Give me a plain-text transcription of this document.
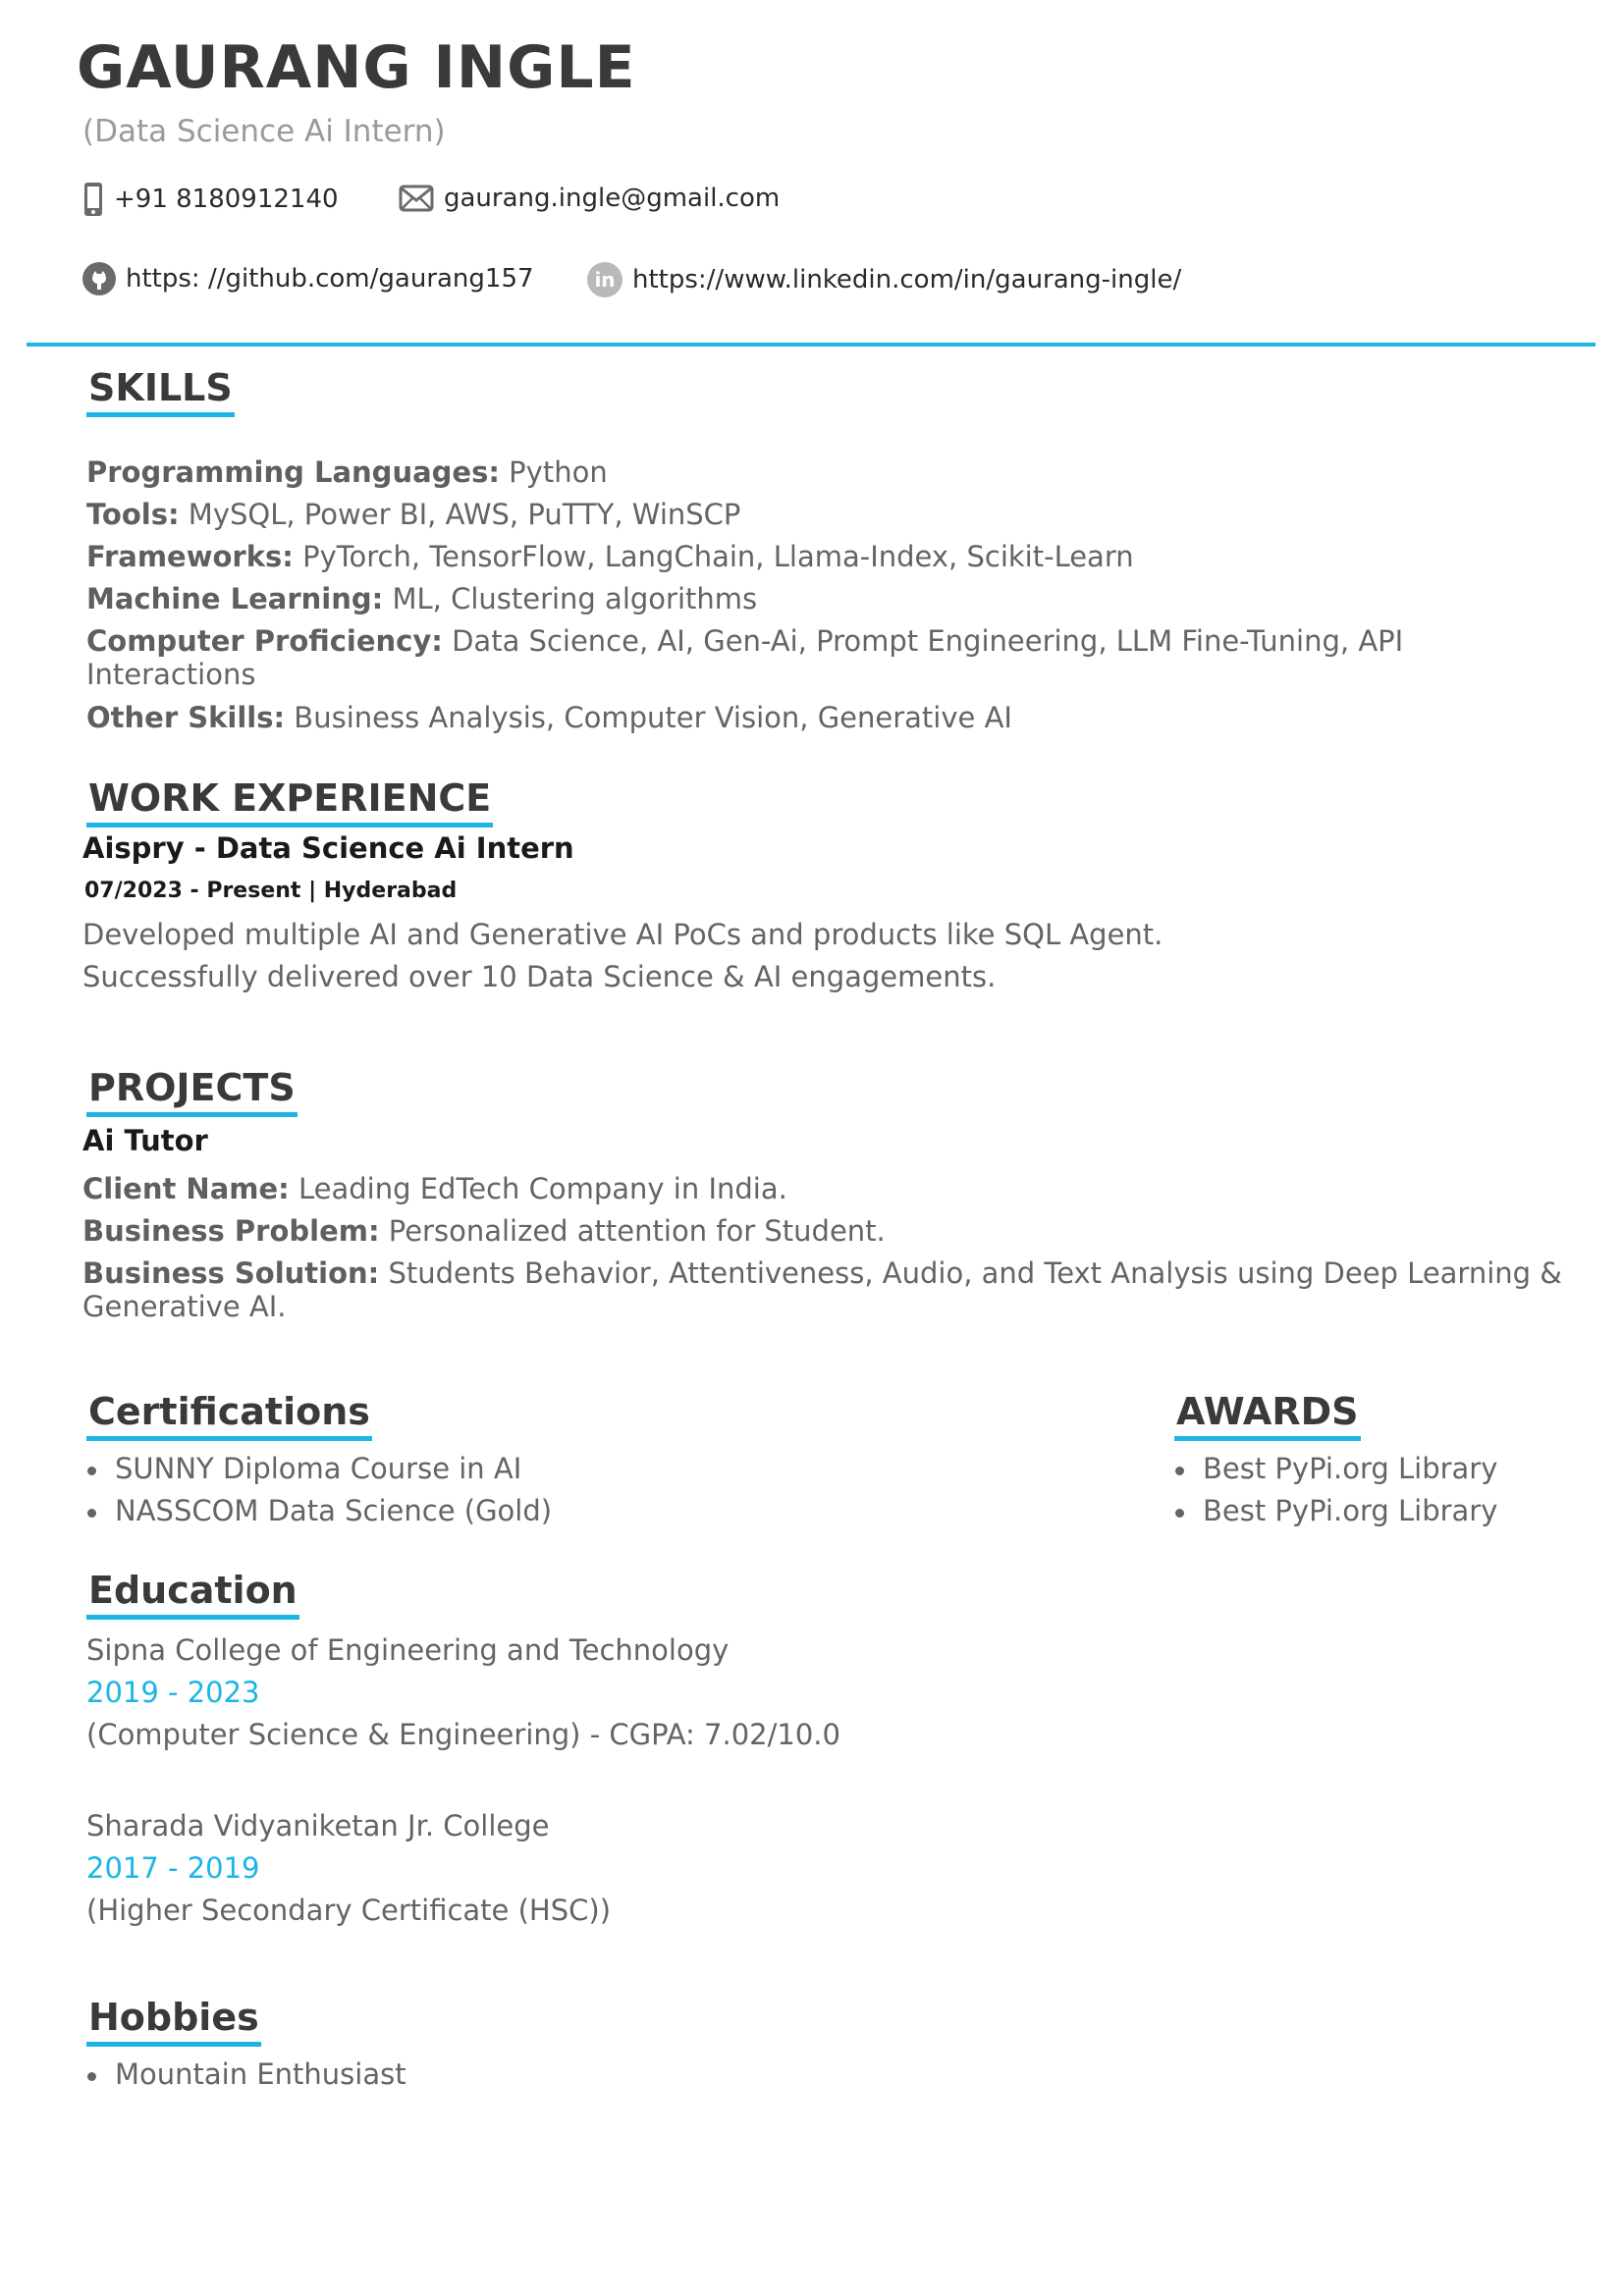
GAURANG INGLE
(Data Science Ai Intern)
+91 8180912140	gaurang.ingle@gmail.com
https: //github.com/gaurang157	in https://www.linkedin.com/in/gaurang-ingle/
SKILLS
Programming Languages: Python
Tools: MySQL, Power BI, AWS, PuTTY, WinSCP
Frameworks: PyTorch, TensorFlow, LangChain, Llama-Index, Scikit-Learn
Machine Learning: ML, Clustering algorithms
Computer Proficiency: Data Science, AI, Gen-Ai, Prompt Engineering, LLM Fine-Tuning, API Interactions
Other Skills: Business Analysis, Computer Vision, Generative AI
WORK EXPERIENCE
Aispry - Data Science Ai Intern
07/2023 - Present | Hyderabad
Developed multiple AI and Generative AI PoCs and products like SQL Agent.
Successfully delivered over 10 Data Science & AI engagements.
PROJECTS
Ai Tutor
Client Name: Leading EdTech Company in India.
Business Problem: Personalized attention for Student.
Business Solution: Students Behavior, Attentiveness, Audio, and Text Analysis using Deep Learning & Generative AI.
Certifications
SUNNY Diploma Course in AI
NASSCOM Data Science (Gold)
AWARDS
Best PyPi.org Library
Best PyPi.org Library
Education
Sipna College of Engineering and Technology
2019 - 2023
(Computer Science & Engineering) - CGPA: 7.02/10.0
Sharada Vidyaniketan Jr. College
2017 - 2019
(Higher Secondary Certificate (HSC))
Hobbies
Mountain Enthusiast
